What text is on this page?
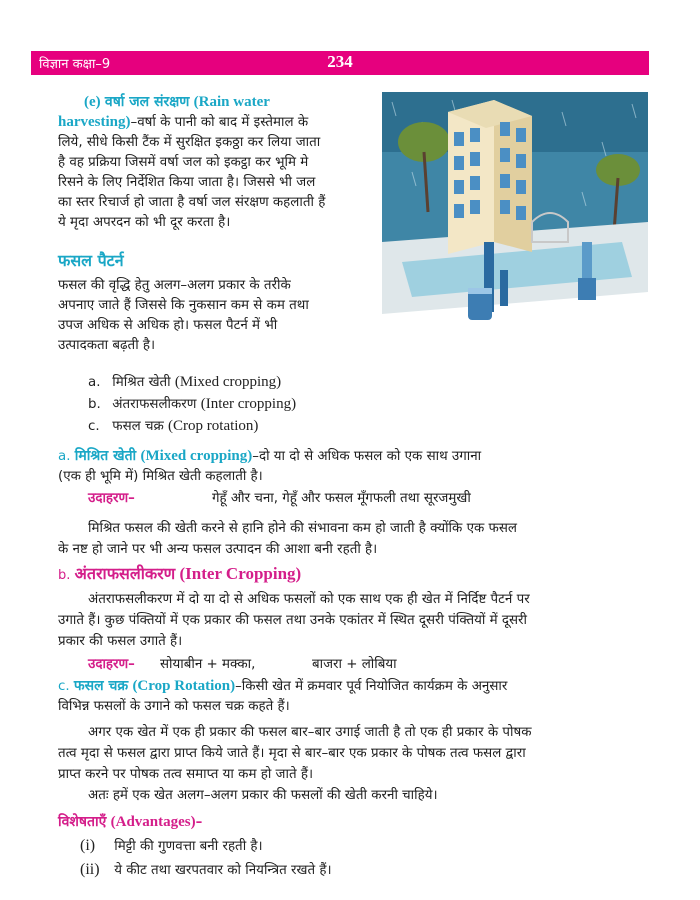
विज्ञान कक्षा–9	234
(e) वर्षा जल संरक्षण (Rain water
harvesting)–वर्षा के पानी को बाद में इस्तेमाल के
लिये, सीधे किसी टैंक में सुरक्षित इकठ्ठा कर लिया जाता
है वह प्रक्रिया जिसमें वर्षा जल को इकट्ठा कर भूमि मे
रिसने के लिए निर्देशित किया जाता है। जिससे भी जल
का स्तर रिचार्ज हो जाता है वर्षा जल संरक्षण कहलाती हैं
ये मृदा अपरदन को भी दूर करता है।
फसल पैटर्न
फसल की वृद्धि हेतु अलग–अलग प्रकार के तरीके
अपनाए जाते हैं जिससे कि नुकसान कम से कम तथा
उपज अधिक से अधिक हो। फसल पैटर्न में भी
उत्पादकता बढ़ती है।
a. मिश्रित खेती (Mixed cropping)
b. अंतराफसलीकरण (Inter cropping)
c. फसल चक्र (Crop rotation)
a. मिश्रित खेती (Mixed cropping)–दो या दो से अधिक फसल को एक साथ उगाना
(एक ही भूमि में) मिश्रित खेती कहलाती है।
उदाहरण–	गेहूँ और चना, गेहूँ और फसल मूँगफली तथा सूरजमुखी
मिश्रित फसल की खेती करने से हानि होने की संभावना कम हो जाती है क्योंकि एक फसल
के नष्ट हो जाने पर भी अन्य फसल उत्पादन की आशा बनी रहती है।
b. अंतराफसलीकरण (Inter Cropping)
अंतराफसलीकरण में दो या दो से अधिक फसलों को एक साथ एक ही खेत में निर्दिष्ट पैटर्न पर
उगाते हैं। कुछ पंक्तियों में एक प्रकार की फसल तथा उनके एकांतर में स्थित दूसरी पंक्तियों में दूसरी
प्रकार की फसल उगाते हैं।
उदाहरण– सोयाबीन + मक्का,	बाजरा + लोबिया
c. फसल चक्र (Crop Rotation)–किसी खेत में क्रमवार पूर्व नियोजित कार्यक्रम के अनुसार
विभिन्न फसलों के उगाने को फसल चक्र कहते हैं।
अगर एक खेत में एक ही प्रकार की फसल बार–बार उगाई जाती है तो एक ही प्रकार के पोषक
तत्व मृदा से फसल द्वारा प्राप्त किये जाते हैं। मृदा से बार–बार एक प्रकार के पोषक तत्व फसल द्वारा
प्राप्त करने पर पोषक तत्व समाप्त या कम हो जाते हैं।
अतः हमें एक खेत अलग–अलग प्रकार की फसलों की खेती करनी चाहिये।
विशेषताएँ (Advantages)–
(i) मिट्टी की गुणवत्ता बनी रहती है।
(ii) ये कीट तथा खरपतवार को नियन्त्रित रखते हैं।
